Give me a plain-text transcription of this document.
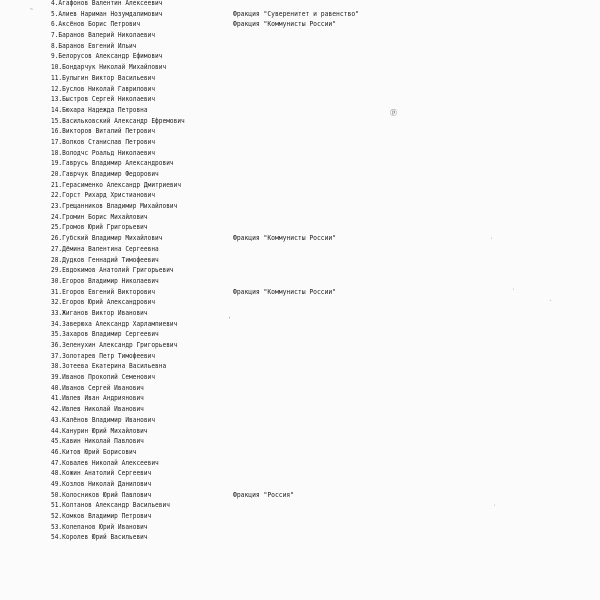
~
ⓟ
·
·
-
·
,
4.Агафонов Валентин Алексеевич
5.Алиев Нариман Нозумдалимович	Фракция "Суверенитет и равенство"
6.Аксёнов Борис Петрович	Фракция "Коммунисты России"
7.Баранов Валерий Николаевич
8.Баранов Евгений Ильич
9.Белорусов Александр Ефимович
10.Бондарчук Николай Михайлович
11.Булыгин Виктор Васильевич
12.Буслов Николай Гаврилович
13.Быстров Сергей Николаевич
14.Бюхара Надежда Петровна
15.Васильковский Александр Ефремович
16.Викторов Виталий Петрович
17.Волков Станислав Петрович
18.Володчс Роальд Николаевич
19.Гаврусь Владимир Александрович
20.Гаврчук Владимир Федорович
21.Герасименко Александр Дмитриевич
22.Горст Рихард Христианович
23.Грещанников Владимир Михайлович
24.Громин Борис Михайлович
25.Громов Юрий Григорьевич
26.Губский Владимир Михайлович	Фракция "Коммунисты России"
27.Дёмина Валентина Сергеевна
28.Дудков Геннадий Тимофеевич
29.Евдокимов Анатолий Григорьевич
30.Егоров Владимир Николаевич
31.Егоров Евгений Викторович	Фракция "Коммунисты России"
32.Егоров Юрий Александрович
33.Жиганов Виктор Иванович
34.Заверюха Александр Харлампиевич
35.Захаров Владимир Сергеевич
36.Зеленухин Александр Григорьевич
37.Золотарев Петр Тимофеевич
38.Зотеева Екатерина Васильевна
39.Иванов Прокопий Семенович
40.Иванов Сергей Иванович
41.Ивлев Иван Андриянович
42.Ивлев Николай Иванович
43.Калёнов Владимир Иванович
44.Канурин Юрий Михайлович
45.Кавин Николай Павлович
46.Китов Юрий Борисович
47.Ковалев Николай Алексеевич
48.Кожин Анатолий Сергеевич
49.Козлов Николай Данилович
50.Колосников Юрий Павлович	Фракция "Россия"
51.Колтанов Александр Васильевич
52.Комков Владимир Петрович
53.Копепанов Юрий Иванович
54.Королев Юрий Васильевич
